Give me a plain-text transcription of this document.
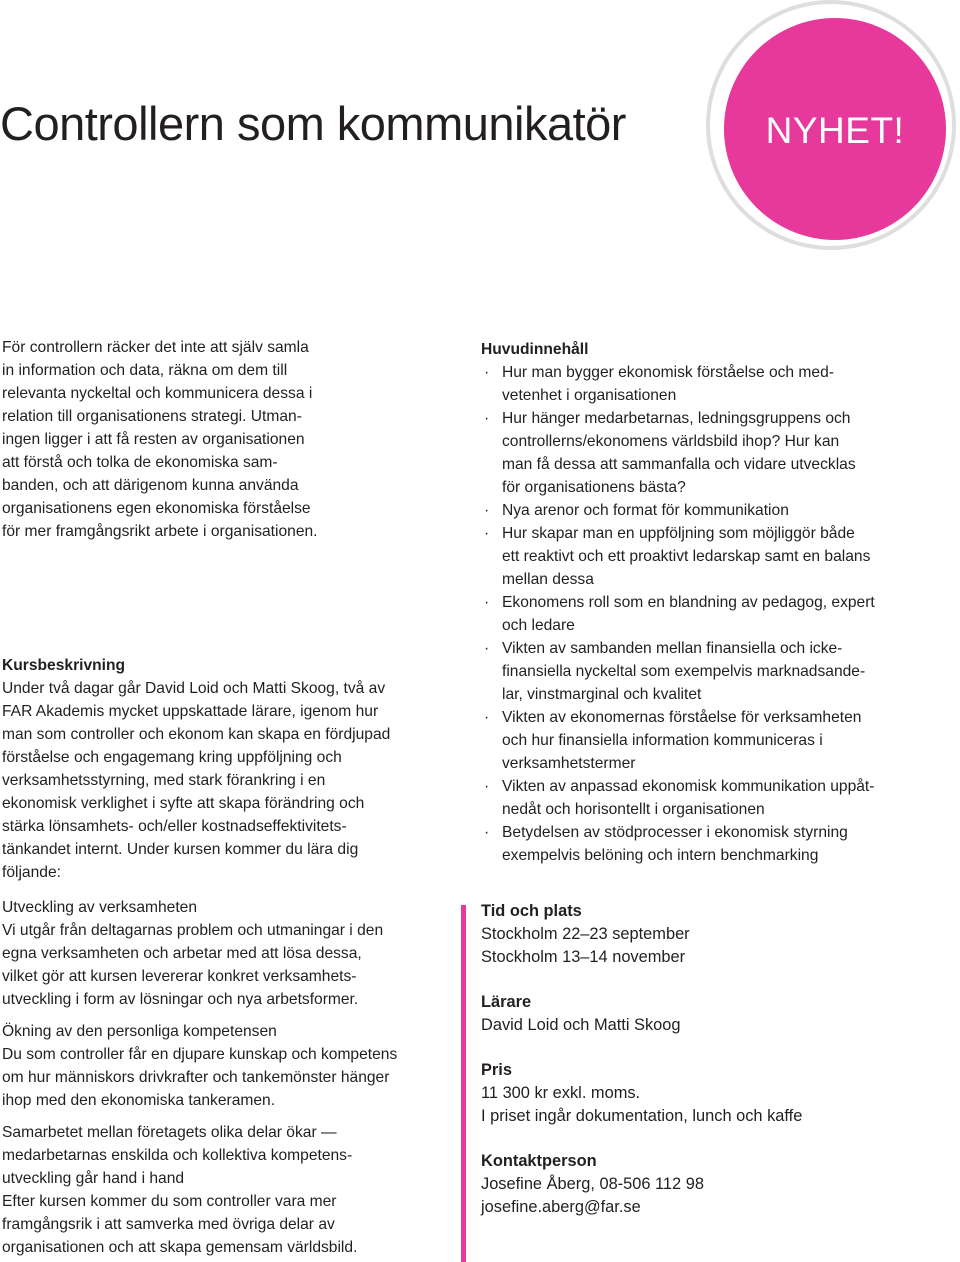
Controllern som kommunikatör	NYHET!

För controllern räcker det inte att själv samla
in information och data, räkna om dem till
relevanta nyckeltal och kommunicera dessa i
relation till organisationens strategi. Utman-
ingen ligger i att få resten av organisationen
att förstå och tolka de ekonomiska sam-
banden, och att därigenom kunna använda
organisationens egen ekonomiska förståelse
för mer framgångsrikt arbete i organisationen.

Kursbeskrivning
Under två dagar går David Loid och Matti Skoog, två av
FAR Akademis mycket uppskattade lärare, igenom hur
man som controller och ekonom kan skapa en fördjupad
förståelse och engagemang kring uppföljning och
verksamhetsstyrning, med stark förankring i en
ekonomisk verklighet i syfte att skapa förändring och
stärka lönsamhets- och/eller kostnadseffektivitets-
tänkandet internt. Under kursen kommer du lära dig
följande:
Utveckling av verksamheten
Vi utgår från deltagarnas problem och utmaningar i den
egna verksamheten och arbetar med att lösa dessa,
vilket gör att kursen levererar konkret verksamhets-
utveckling i form av lösningar och nya arbetsformer.
Ökning av den personliga kompetensen
Du som controller får en djupare kunskap och kompetens
om hur människors drivkrafter och tankemönster hänger
ihop med den ekonomiska tankeramen.
Samarbetet mellan företagets olika delar ökar —
medarbetarnas enskilda och kollektiva kompetens-
utveckling går hand i hand
Efter kursen kommer du som controller vara mer
framgångsrik i att samverka med övriga delar av
organisationen och att skapa gemensam världsbild.
Huvudinnehåll
· Hur man bygger ekonomisk förståelse och med-
vetenhet i organisationen
· Hur hänger medarbetarnas, ledningsgruppens och
controllerns/ekonomens världsbild ihop? Hur kan
man få dessa att sammanfalla och vidare utvecklas
för organisationens bästa?
· Nya arenor och format för kommunikation
· Hur skapar man en uppföljning som möjliggör både
ett reaktivt och ett proaktivt ledarskap samt en balans
mellan dessa
· Ekonomens roll som en blandning av pedagog, expert
och ledare
· Vikten av sambanden mellan finansiella och icke-
finansiella nyckeltal som exempelvis marknadsande-
lar, vinstmarginal och kvalitet
· Vikten av ekonomernas förståelse för verksamheten
och hur finansiella information kommuniceras i
verksamhetstermer
· Vikten av anpassad ekonomisk kommunikation uppåt-
nedåt och horisontellt i organisationen
· Betydelsen av stödprocesser i ekonomisk styrning
exempelvis belöning och intern benchmarking
Tid och plats
Stockholm 22–23 september
Stockholm 13–14 november
Lärare
David Loid och Matti Skoog
Pris
11 300 kr exkl. moms.
I priset ingår dokumentation, lunch och kaffe
Kontaktperson
Josefine Åberg, 08-506 112 98
josefine.aberg@far.se
